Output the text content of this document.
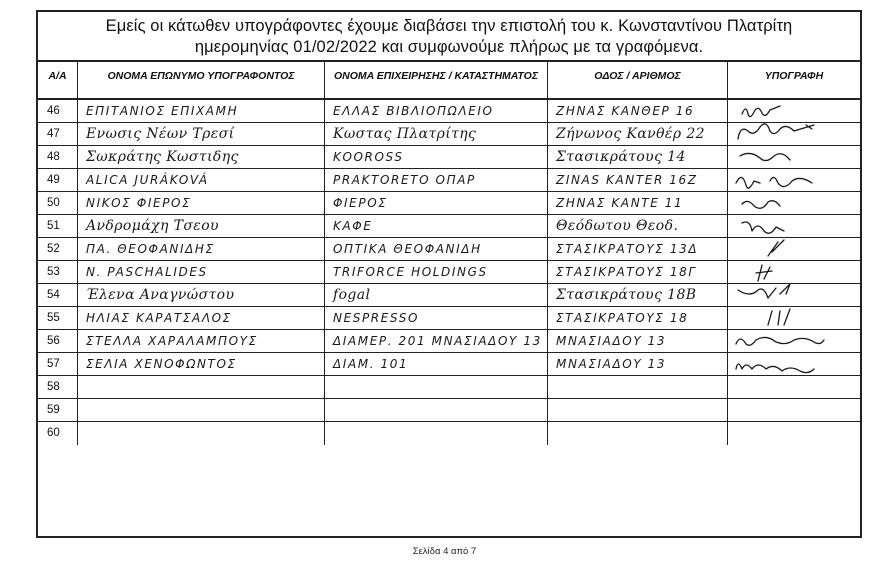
Εμείς οι κάτωθεν υπογράφοντες έχουμε διαβάσει την επιστολή του κ. Κωνσταντίνου Πλατρίτη
ημερομηνίας 01/02/2022 και συμφωνούμε πλήρως με τα γραφόμενα.
Α/Α	ΟΝΟΜΑ ΕΠΩΝΥΜΟ ΥΠΟΓΡΑΦΟΝΤΟΣ	ΟΝΟΜΑ ΕΠΙΧΕΙΡΗΣΗΣ / ΚΑΤΑΣΤΗΜΑΤΟΣ	ΟΔΟΣ / ΑΡΙΘΜΟΣ	ΥΠΟΓΡΑΦΗ
46	ΕΠΙΤΑΝΙΟΣ ΕΠΙΧΑΜΗ	ΕΛΛΑΣ ΒΙΒΛΙΟΠΩΛΕΙΟ	ΖΗΝΑΣ ΚΑΝΘΕΡ 16
47	Ενωσις Νέων Τρεσί	Κωστας Πλατρίτης	Ζήνωνος Κανθέρ 22
48	Σωκράτης Κωστιδης	ΚΟΟRΟSS	Στασικράτους 14
49	ALICA JURÁKOVÁ	PRAKTORETO OΠAP	ZINAS KANTER 16Z
50	ΝΙΚΟΣ ΦΙΕΡΟΣ	ΦΙΕΡΟΣ	ΖΗΝΑΣ ΚΑΝΤΕ 11
51	Ανδρομάχη Τσεου	ΚΑΦΕ	Θεόδωτου Θεοδ.
52	ΠΑ. ΘΕΟΦΑΝΙΔΗΣ	ΟΠΤΙΚΑ ΘΕΟΦΑΝΙΔΗ	ΣΤΑΣΙΚΡΑΤΟΥΣ 13Δ
53	N. PASCHALIDES	TRIFORCE HOLDINGS	ΣΤΑΣΙΚΡΑΤΟΥΣ 18Γ
54	Έλενα Αναγνώστου	fogal	Στασικράτους 18Β
55	ΗΛΙΑΣ ΚΑΡΑΤΣΑΛΟΣ	NESPRESSO	ΣΤΑΣΙΚΡΑΤΟΥΣ 18
56	ΣΤΕΛΛΑ ΧΑΡΑΛΑΜΠΟΥΣ	ΔΙΑΜΕΡ. 201 ΜΝΑΣΙΑΔΟΥ 13	ΜΝΑΣΙΑΔΟΥ 13
57	ΣΕΛΙΑ ΧΕΝΟΦΩΝΤΟΣ	ΔΙΑΜ. 101	ΜΝΑΣΙΑΔΟΥ 13
58
59
60
Σελίδα 4 από 7
